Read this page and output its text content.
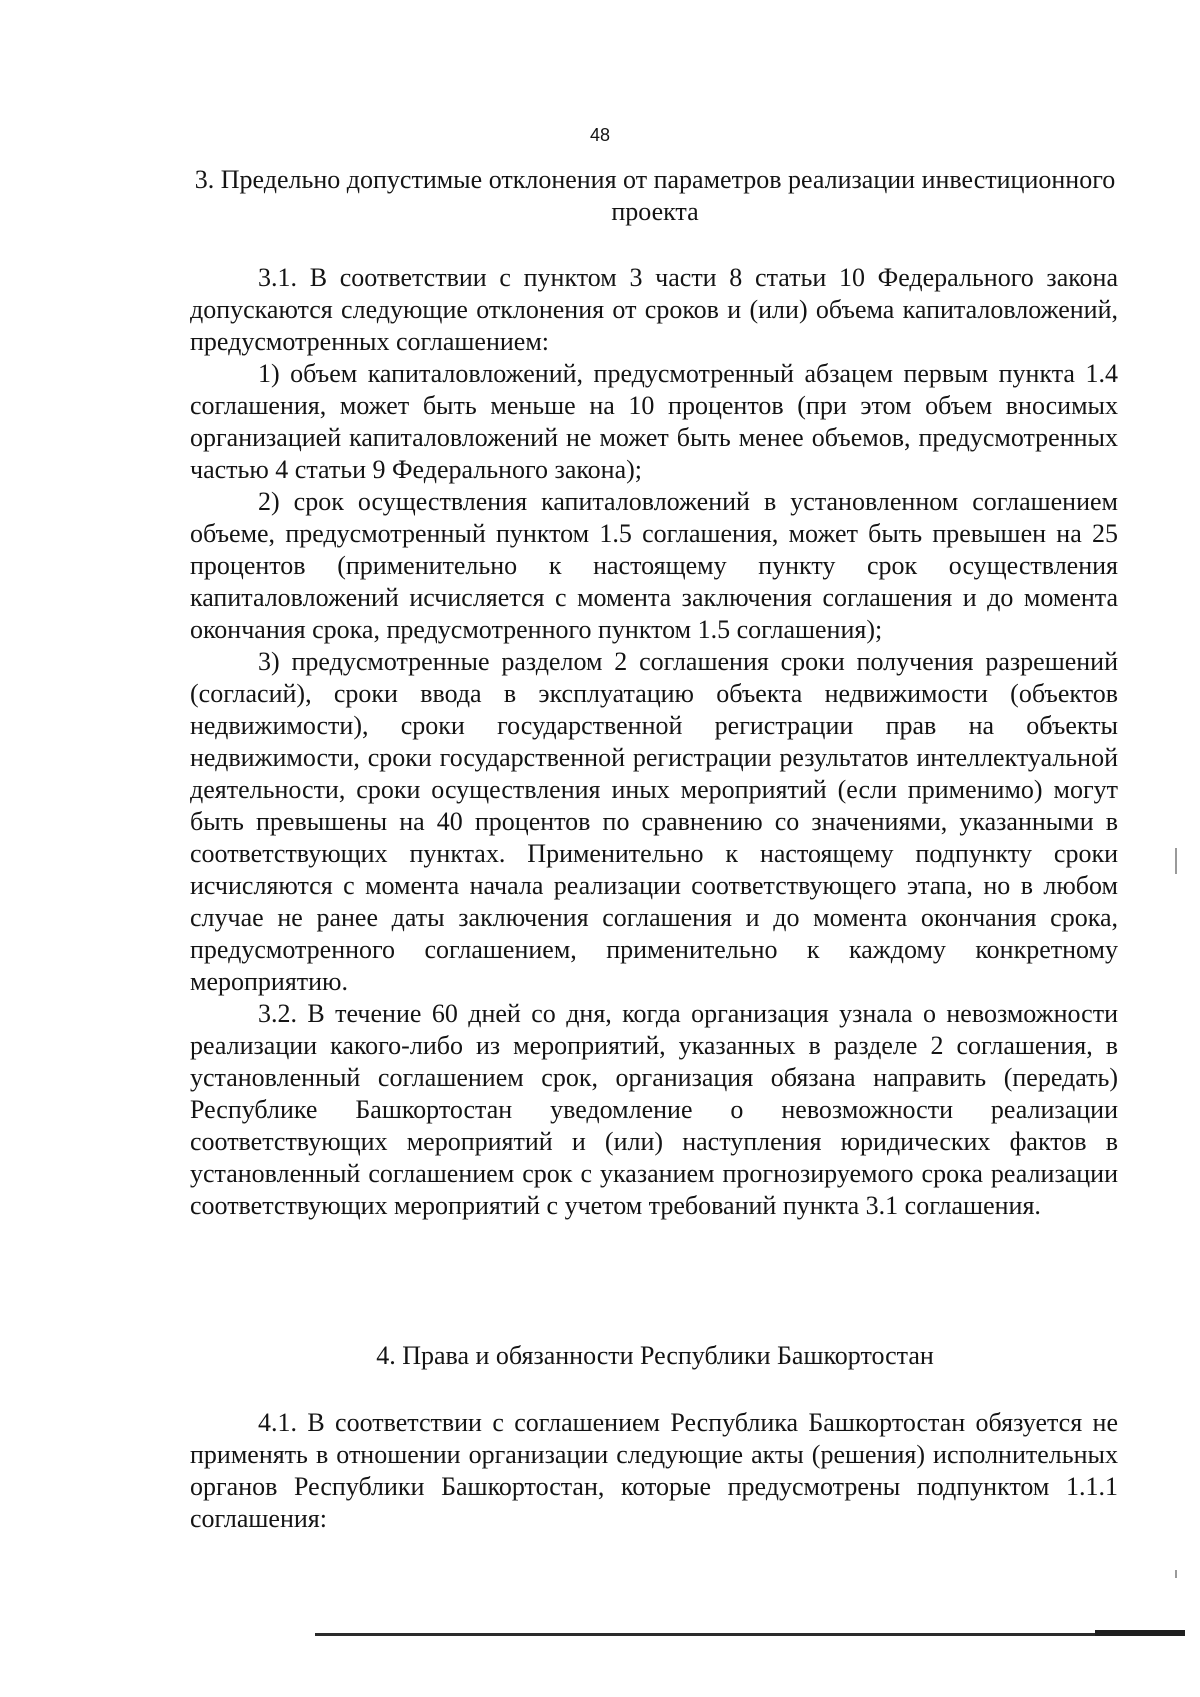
48
3. Предельно допустимые отклонения от параметров реализации инвестиционного проекта

3.1. В соответствии с пунктом 3 части 8 статьи 10 Федерального закона допускаются следующие отклонения от сроков и (или) объема капиталовложений, предусмотренных соглашением:

1) объем капиталовложений, предусмотренный абзацем первым пункта 1.4 соглашения, может быть меньше на 10 процентов (при этом объем вносимых организацией капиталовложений не может быть менее объемов, предусмотренных частью 4 статьи 9 Федерального закона);

2) срок осуществления капиталовложений в установленном соглашением объеме, предусмотренный пунктом 1.5 соглашения, может быть превышен на 25 процентов (применительно к настоящему пункту срок осуществления капиталовложений исчисляется с момента заключения соглашения и до момента окончания срока, предусмотренного пунктом 1.5 соглашения);

3) предусмотренные разделом 2 соглашения сроки получения разрешений (согласий), сроки ввода в эксплуатацию объекта недвижимости (объектов недвижимости), сроки государственной регистрации прав на объекты недвижимости, сроки государственной регистрации результатов интеллектуальной деятельности, сроки осуществления иных мероприятий (если применимо) могут быть превышены на 40 процентов по сравнению со значениями, указанными в соответствующих пунктах. Применительно к настоящему подпункту сроки исчисляются с момента начала реализации соответствующего этапа, но в любом случае не ранее даты заключения соглашения и до момента окончания срока, предусмотренного соглашением, применительно к каждому конкретному мероприятию.

3.2. В течение 60 дней со дня, когда организация узнала о невозможности реализации какого-либо из мероприятий, указанных в разделе 2 соглашения, в установленный соглашением срок, организация обязана направить (передать) Республике Башкортостан уведомление о невозможности реализации соответствующих мероприятий и (или) наступления юридических фактов в установленный соглашением срок с указанием прогнозируемого срока реализации соответствующих мероприятий с учетом требований пункта 3.1 соглашения.

4. Права и обязанности Республики Башкортостан

4.1. В соответствии с соглашением Республика Башкортостан обязуется не применять в отношении организации следующие акты (решения) исполнительных органов Республики Башкортостан, которые предусмотрены подпунктом 1.1.1 соглашения:
